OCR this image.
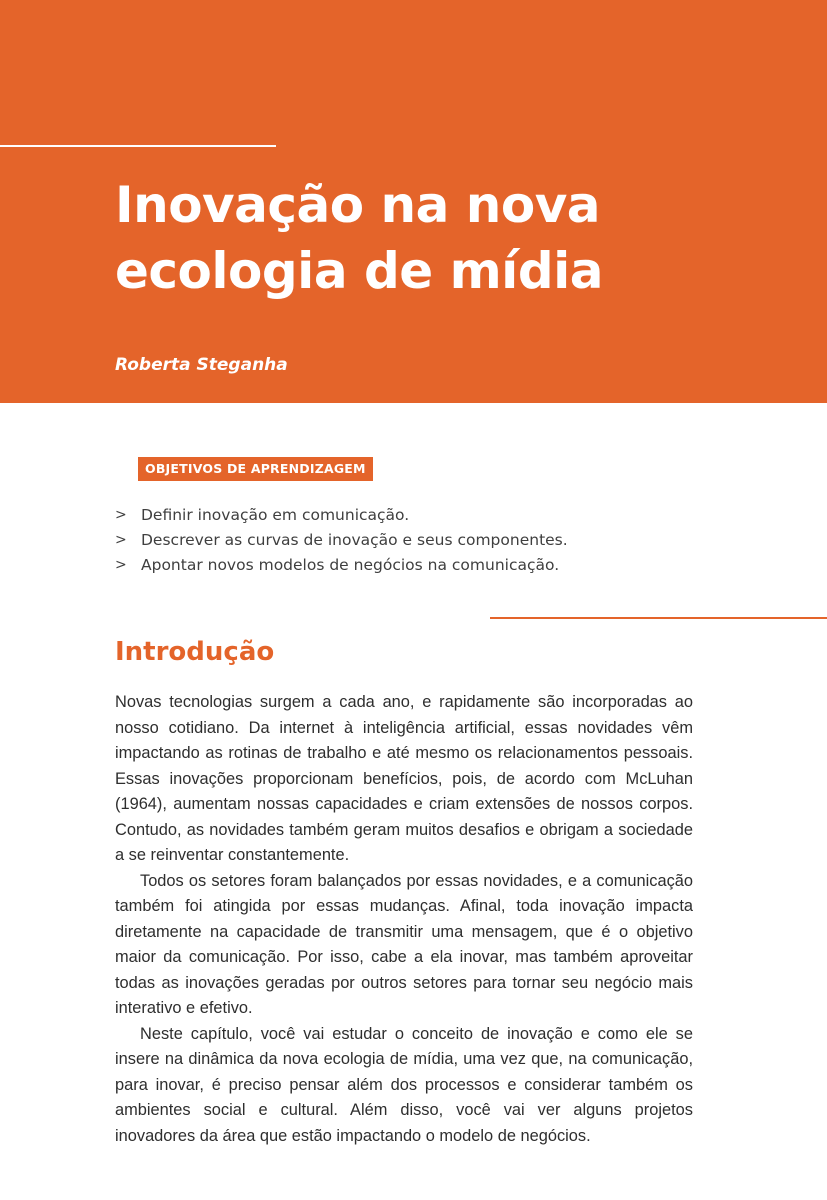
Inovação na nova ecologia de mídia

Roberta Steganha

OBJETIVOS DE APRENDIZAGEM
> Definir inovação em comunicação.
> Descrever as curvas de inovação e seus componentes.
> Apontar novos modelos de negócios na comunicação.
Introdução

Novas tecnologias surgem a cada ano, e rapidamente são incorporadas ao nosso cotidiano. Da internet à inteligência artificial, essas novidades vêm impactando as rotinas de trabalho e até mesmo os relacionamentos pessoais. Essas inovações proporcionam benefícios, pois, de acordo com McLuhan (1964), aumentam nossas capacidades e criam extensões de nossos corpos. Contudo, as novidades também geram muitos desafios e obrigam a sociedade a se reinventar constantemente.

Todos os setores foram balançados por essas novidades, e a comunicação também foi atingida por essas mudanças. Afinal, toda inovação impacta diretamente na capacidade de transmitir uma mensagem, que é o objetivo maior da comunicação. Por isso, cabe a ela inovar, mas também aproveitar todas as inovações geradas por outros setores para tornar seu negócio mais interativo e efetivo.

Neste capítulo, você vai estudar o conceito de inovação e como ele se insere na dinâmica da nova ecologia de mídia, uma vez que, na comunicação, para inovar, é preciso pensar além dos processos e considerar também os ambientes social e cultural. Além disso, você vai ver alguns projetos inovadores da área que estão impactando o modelo de negócios.
